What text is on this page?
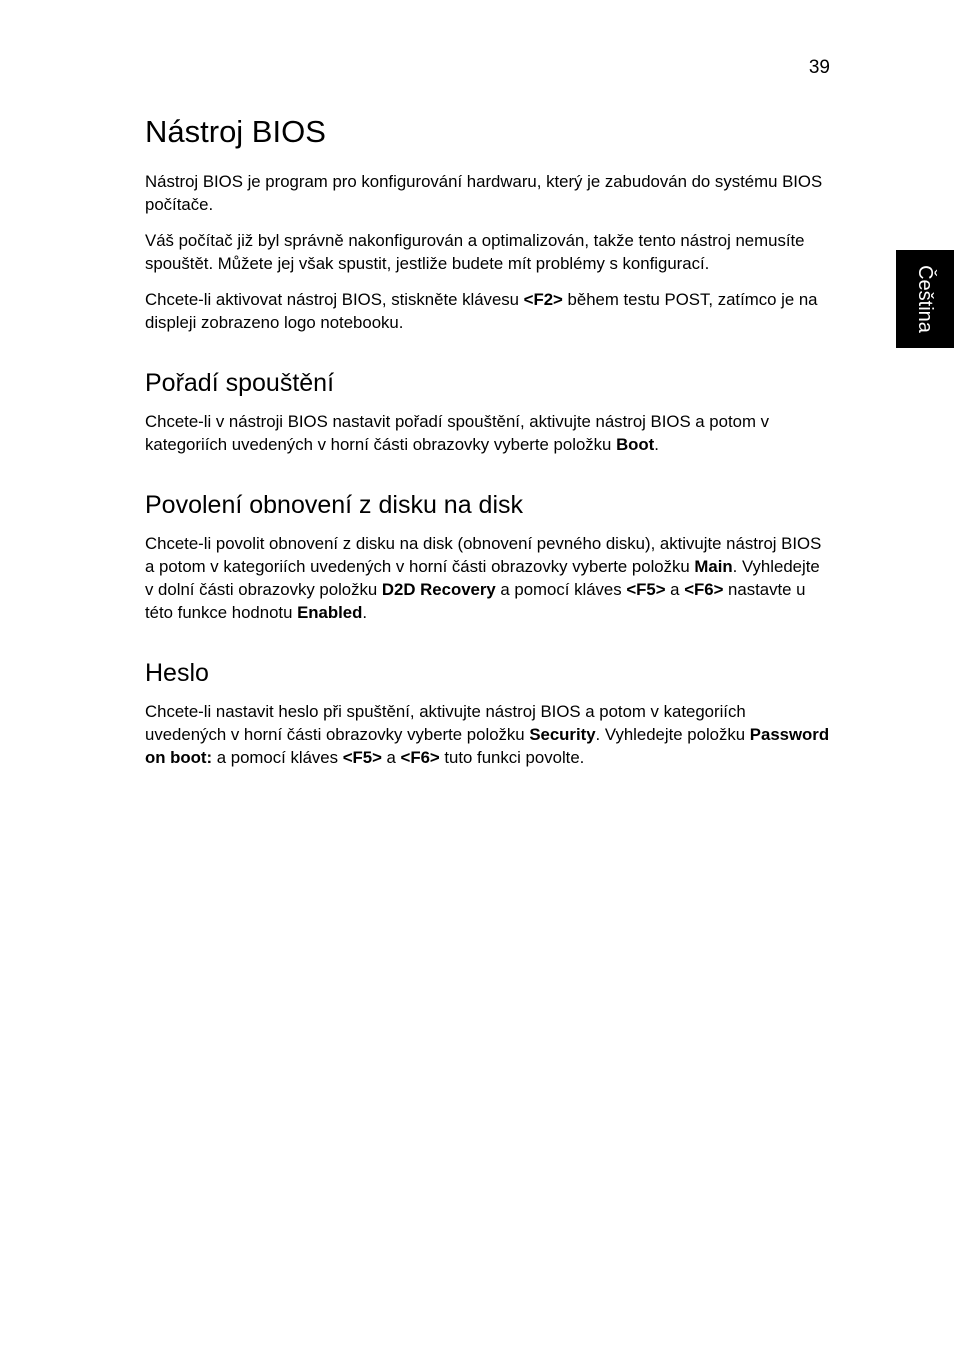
39
Čeština
Nástroj BIOS

Nástroj BIOS je program pro konfigurování hardwaru, který je zabudován do systému BIOS počítače.

Váš počítač již byl správně nakonfigurován a optimalizován, takže tento nástroj nemusíte spouštět. Můžete jej však spustit, jestliže budete mít problémy s konfigurací.

Chcete-li aktivovat nástroj BIOS, stiskněte klávesu <F2> během testu POST, zatímco je na displeji zobrazeno logo notebooku.

Pořadí spouštění

Chcete-li v nástroji BIOS nastavit pořadí spouštění, aktivujte nástroj BIOS a potom v kategoriích uvedených v horní části obrazovky vyberte položku Boot.

Povolení obnovení z disku na disk

Chcete-li povolit obnovení z disku na disk (obnovení pevného disku), aktivujte nástroj BIOS a potom v kategoriích uvedených v horní části obrazovky vyberte položku Main. Vyhledejte v dolní části obrazovky položku D2D Recovery a pomocí kláves <F5> a <F6> nastavte u této funkce hodnotu Enabled.

Heslo

Chcete-li nastavit heslo při spuštění, aktivujte nástroj BIOS a potom v kategoriích uvedených v horní části obrazovky vyberte položku Security. Vyhledejte položku Password on boot: a pomocí kláves <F5> a <F6> tuto funkci povolte.
